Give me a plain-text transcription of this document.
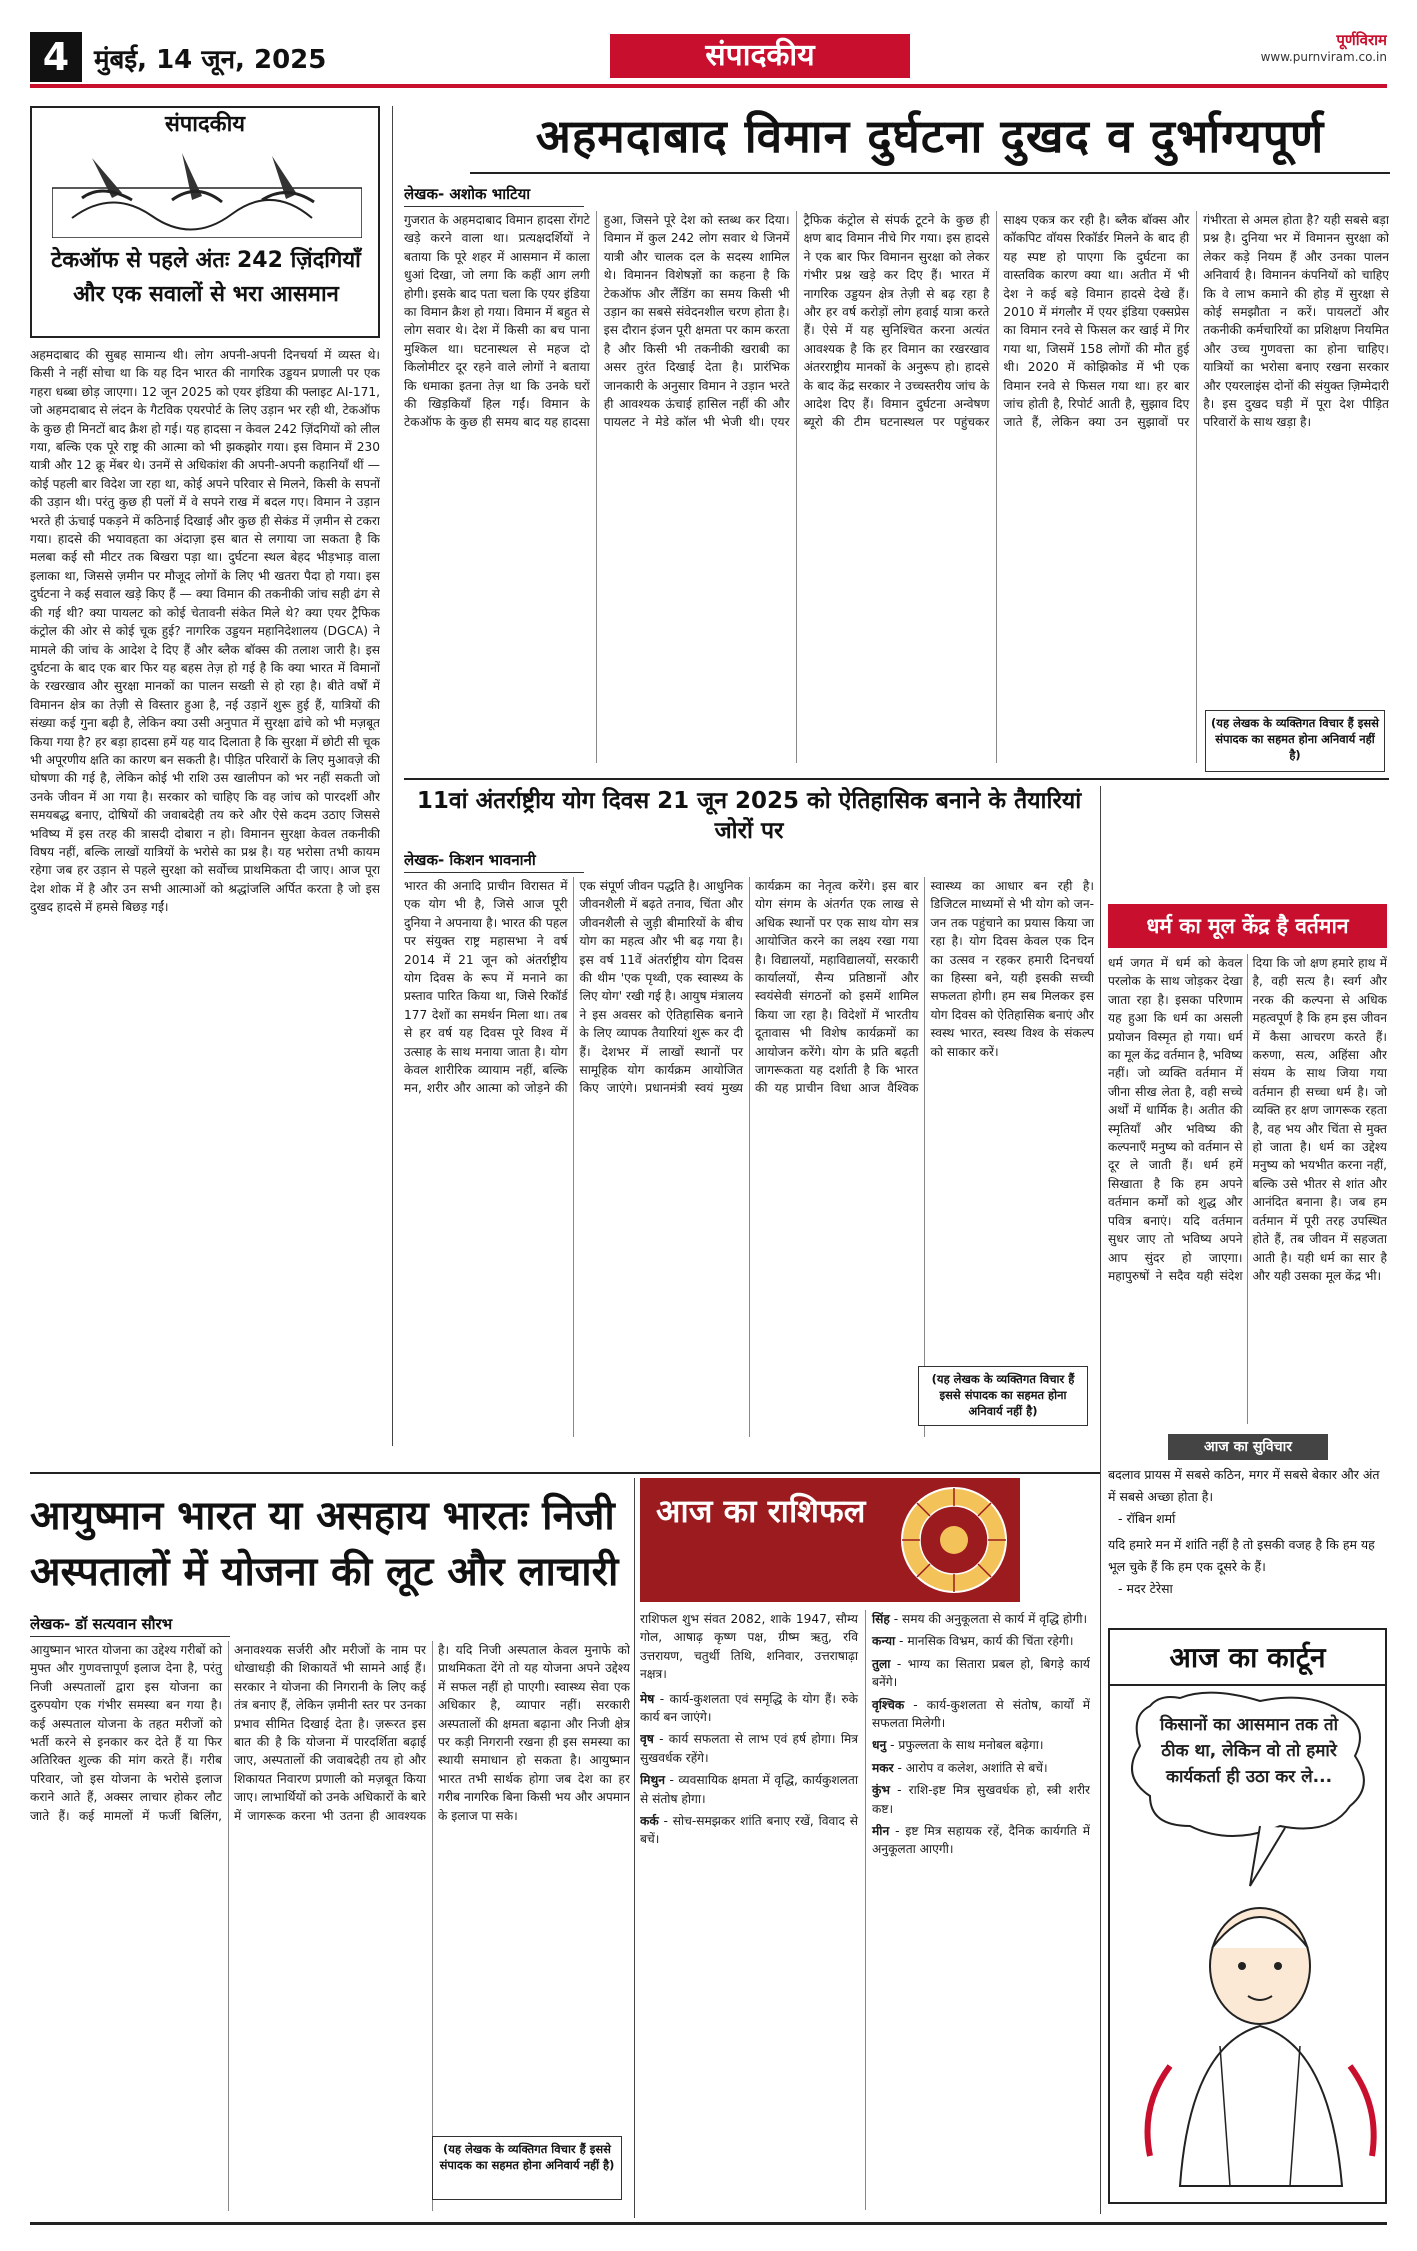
4 मुंबई, 14 जून, 2025	संपादकीय	पूर्णविराम
www.purnviram.co.in
संपादकीय
टेकऑफ से पहले अंतः 242 ज़िंदगियाँ और एक सवालों से भरा आसमान

अहमदाबाद की सुबह सामान्य थी। लोग अपनी-अपनी दिनचर्या में व्यस्त थे। किसी ने नहीं सोचा था कि यह दिन भारत की नागरिक उड्डयन प्रणाली पर एक गहरा धब्बा छोड़ जाएगा। 12 जून 2025 को एयर इंडिया की फ्लाइट AI-171, जो अहमदाबाद से लंदन के गैटविक एयरपोर्ट के लिए उड़ान भर रही थी, टेकऑफ के कुछ ही मिनटों बाद क्रैश हो गई। यह हादसा न केवल 242 ज़िंदगियों को लील गया, बल्कि एक पूरे राष्ट्र की आत्मा को भी झकझोर गया। इस विमान में 230 यात्री और 12 क्रू मेंबर थे। उनमें से अधिकांश की अपनी-अपनी कहानियाँ थीं — कोई पहली बार विदेश जा रहा था, कोई अपने परिवार से मिलने, किसी के सपनों की उड़ान थी। परंतु कुछ ही पलों में वे सपने राख में बदल गए। विमान ने उड़ान भरते ही ऊंचाई पकड़ने में कठिनाई दिखाई और कुछ ही सेकंड में ज़मीन से टकरा गया। हादसे की भयावहता का अंदाज़ा इस बात से लगाया जा सकता है कि मलबा कई सौ मीटर तक बिखरा पड़ा था। दुर्घटना स्थल बेहद भीड़भाड़ वाला इलाका था, जिससे ज़मीन पर मौजूद लोगों के लिए भी खतरा पैदा हो गया। इस दुर्घटना ने कई सवाल खड़े किए हैं — क्या विमान की तकनीकी जांच सही ढंग से की गई थी? क्या पायलट को कोई चेतावनी संकेत मिले थे? क्या एयर ट्रैफिक कंट्रोल की ओर से कोई चूक हुई? नागरिक उड्डयन महानिदेशालय (DGCA) ने मामले की जांच के आदेश दे दिए हैं और ब्लैक बॉक्स की तलाश जारी है। इस दुर्घटना के बाद एक बार फिर यह बहस तेज़ हो गई है कि क्या भारत में विमानों के रखरखाव और सुरक्षा मानकों का पालन सख्ती से हो रहा है। बीते वर्षों में विमानन क्षेत्र का तेज़ी से विस्तार हुआ है, नई उड़ानें शुरू हुई हैं, यात्रियों की संख्या कई गुना बढ़ी है, लेकिन क्या उसी अनुपात में सुरक्षा ढांचे को भी मज़बूत किया गया है? हर बड़ा हादसा हमें यह याद दिलाता है कि सुरक्षा में छोटी सी चूक भी अपूरणीय क्षति का कारण बन सकती है। पीड़ित परिवारों के लिए मुआवज़े की घोषणा की गई है, लेकिन कोई भी राशि उस खालीपन को भर नहीं सकती जो उनके जीवन में आ गया है। सरकार को चाहिए कि वह जांच को पारदर्शी और समयबद्ध बनाए, दोषियों की जवाबदेही तय करे और ऐसे कदम उठाए जिससे भविष्य में इस तरह की त्रासदी दोबारा न हो। विमानन सुरक्षा केवल तकनीकी विषय नहीं, बल्कि लाखों यात्रियों के भरोसे का प्रश्न है। यह भरोसा तभी कायम रहेगा जब हर उड़ान से पहले सुरक्षा को सर्वोच्च प्राथमिकता दी जाए। आज पूरा देश शोक में है और उन सभी आत्माओं को श्रद्धांजलि अर्पित करता है जो इस दुखद हादसे में हमसे बिछड़ गईं।

अहमदाबाद विमान दुर्घटना दुखद व दुर्भाग्यपूर्ण
लेखक- अशोक भाटिया

गुजरात के अहमदाबाद विमान हादसा रोंगटे खड़े करने वाला था। प्रत्यक्षदर्शियों ने बताया कि पूरे शहर में आसमान में काला धुआं दिखा, जो लगा कि कहीं आग लगी होगी। इसके बाद पता चला कि एयर इंडिया का विमान क्रैश हो गया। विमान में बहुत से लोग सवार थे। देश में किसी का बच पाना मुश्किल था। घटनास्थल से महज दो किलोमीटर दूर रहने वाले लोगों ने बताया कि धमाका इतना तेज़ था कि उनके घरों की खिड़कियाँ हिल गईं। विमान के टेकऑफ के कुछ ही समय बाद यह हादसा हुआ, जिसने पूरे देश को स्तब्ध कर दिया। विमान में कुल 242 लोग सवार थे जिनमें यात्री और चालक दल के सदस्य शामिल थे। विमानन विशेषज्ञों का कहना है कि टेकऑफ और लैंडिंग का समय किसी भी उड़ान का सबसे संवेदनशील चरण होता है। इस दौरान इंजन पूरी क्षमता पर काम करता है और किसी भी तकनीकी खराबी का असर तुरंत दिखाई देता है। प्रारंभिक जानकारी के अनुसार विमान ने उड़ान भरते ही आवश्यक ऊंचाई हासिल नहीं की और पायलट ने मेडे कॉल भी भेजी थी। एयर ट्रैफिक कंट्रोल से संपर्क टूटने के कुछ ही क्षण बाद विमान नीचे गिर गया। इस हादसे ने एक बार फिर विमानन सुरक्षा को लेकर गंभीर प्रश्न खड़े कर दिए हैं। भारत में नागरिक उड्डयन क्षेत्र तेज़ी से बढ़ रहा है और हर वर्ष करोड़ों लोग हवाई यात्रा करते हैं। ऐसे में यह सुनिश्चित करना अत्यंत आवश्यक है कि हर विमान का रखरखाव अंतरराष्ट्रीय मानकों के अनुरूप हो। हादसे के बाद केंद्र सरकार ने उच्चस्तरीय जांच के आदेश दिए हैं। विमान दुर्घटना अन्वेषण ब्यूरो की टीम घटनास्थल पर पहुंचकर साक्ष्य एकत्र कर रही है। ब्लैक बॉक्स और कॉकपिट वॉयस रिकॉर्डर मिलने के बाद ही यह स्पष्ट हो पाएगा कि दुर्घटना का वास्तविक कारण क्या था। अतीत में भी देश ने कई बड़े विमान हादसे देखे हैं। 2010 में मंगलौर में एयर इंडिया एक्सप्रेस का विमान रनवे से फिसल कर खाई में गिर गया था, जिसमें 158 लोगों की मौत हुई थी। 2020 में कोझिकोड में भी एक विमान रनवे से फिसल गया था। हर बार जांच होती है, रिपोर्ट आती है, सुझाव दिए जाते हैं, लेकिन क्या उन सुझावों पर गंभीरता से अमल होता है? यही सबसे बड़ा प्रश्न है। दुनिया भर में विमानन सुरक्षा को लेकर कड़े नियम हैं और उनका पालन अनिवार्य है। विमानन कंपनियों को चाहिए कि वे लाभ कमाने की होड़ में सुरक्षा से कोई समझौता न करें। पायलटों और तकनीकी कर्मचारियों का प्रशिक्षण नियमित और उच्च गुणवत्ता का होना चाहिए। यात्रियों का भरोसा बनाए रखना सरकार और एयरलाइंस दोनों की संयुक्त ज़िम्मेदारी है। इस दुखद घड़ी में पूरा देश पीड़ित परिवारों के साथ खड़ा है।

(यह लेखक के व्यक्तिगत विचार हैं इससे संपादक का सहमत होना अनिवार्य नहीं है)
11वां अंतर्राष्ट्रीय योग दिवस 21 जून 2025 को ऐतिहासिक बनाने के तैयारियां जोरों पर
लेखक- किशन भावनानी

भारत की अनादि प्राचीन विरासत में एक योग भी है, जिसे आज पूरी दुनिया ने अपनाया है। भारत की पहल पर संयुक्त राष्ट्र महासभा ने वर्ष 2014 में 21 जून को अंतर्राष्ट्रीय योग दिवस के रूप में मनाने का प्रस्ताव पारित किया था, जिसे रिकॉर्ड 177 देशों का समर्थन मिला था। तब से हर वर्ष यह दिवस पूरे विश्व में उत्साह के साथ मनाया जाता है। योग केवल शारीरिक व्यायाम नहीं, बल्कि मन, शरीर और आत्मा को जोड़ने की एक संपूर्ण जीवन पद्धति है। आधुनिक जीवनशैली में बढ़ते तनाव, चिंता और जीवनशैली से जुड़ी बीमारियों के बीच योग का महत्व और भी बढ़ गया है। इस वर्ष 11वें अंतर्राष्ट्रीय योग दिवस की थीम 'एक पृथ्वी, एक स्वास्थ्य के लिए योग' रखी गई है। आयुष मंत्रालय ने इस अवसर को ऐतिहासिक बनाने के लिए व्यापक तैयारियां शुरू कर दी हैं। देशभर में लाखों स्थानों पर सामूहिक योग कार्यक्रम आयोजित किए जाएंगे। प्रधानमंत्री स्वयं मुख्य कार्यक्रम का नेतृत्व करेंगे। इस बार योग संगम के अंतर्गत एक लाख से अधिक स्थानों पर एक साथ योग सत्र आयोजित करने का लक्ष्य रखा गया है। विद्यालयों, महाविद्यालयों, सरकारी कार्यालयों, सैन्य प्रतिष्ठानों और स्वयंसेवी संगठनों को इसमें शामिल किया जा रहा है। विदेशों में भारतीय दूतावास भी विशेष कार्यक्रमों का आयोजन करेंगे। योग के प्रति बढ़ती जागरूकता यह दर्शाती है कि भारत की यह प्राचीन विधा आज वैश्विक स्वास्थ्य का आधार बन रही है। डिजिटल माध्यमों से भी योग को जन-जन तक पहुंचाने का प्रयास किया जा रहा है। योग दिवस केवल एक दिन का उत्सव न रहकर हमारी दिनचर्या का हिस्सा बने, यही इसकी सच्ची सफलता होगी। हम सब मिलकर इस योग दिवस को ऐतिहासिक बनाएं और स्वस्थ भारत, स्वस्थ विश्व के संकल्प को साकार करें।

(यह लेखक के व्यक्तिगत विचार हैं इससे संपादक का सहमत होना अनिवार्य नहीं है)
धर्म का मूल केंद्र है वर्तमान

धर्म जगत में धर्म को केवल परलोक के साथ जोड़कर देखा जाता रहा है। इसका परिणाम यह हुआ कि धर्म का असली प्रयोजन विस्मृत हो गया। धर्म का मूल केंद्र वर्तमान है, भविष्य नहीं। जो व्यक्ति वर्तमान में जीना सीख लेता है, वही सच्चे अर्थों में धार्मिक है। अतीत की स्मृतियाँ और भविष्य की कल्पनाएँ मनुष्य को वर्तमान से दूर ले जाती हैं। धर्म हमें सिखाता है कि हम अपने वर्तमान कर्मों को शुद्ध और पवित्र बनाएं। यदि वर्तमान सुधर जाए तो भविष्य अपने आप सुंदर हो जाएगा। महापुरुषों ने सदैव यही संदेश दिया कि जो क्षण हमारे हाथ में है, वही सत्य है। स्वर्ग और नरक की कल्पना से अधिक महत्वपूर्ण है कि हम इस जीवन में कैसा आचरण करते हैं। करुणा, सत्य, अहिंसा और संयम के साथ जिया गया वर्तमान ही सच्चा धर्म है। जो व्यक्ति हर क्षण जागरूक रहता है, वह भय और चिंता से मुक्त हो जाता है। धर्म का उद्देश्य मनुष्य को भयभीत करना नहीं, बल्कि उसे भीतर से शांत और आनंदित बनाना है। जब हम वर्तमान में पूरी तरह उपस्थित होते हैं, तब जीवन में सहजता आती है। यही धर्म का सार है और यही उसका मूल केंद्र भी।

आयुष्मान भारत या असहाय भारतः निजी अस्पतालों में योजना की लूट और लाचारी
लेखक- डॉ सत्यवान सौरभ

आयुष्मान भारत योजना का उद्देश्य गरीबों को मुफ्त और गुणवत्तापूर्ण इलाज देना है, परंतु निजी अस्पतालों द्वारा इस योजना का दुरुपयोग एक गंभीर समस्या बन गया है। कई अस्पताल योजना के तहत मरीजों को भर्ती करने से इनकार कर देते हैं या फिर अतिरिक्त शुल्क की मांग करते हैं। गरीब परिवार, जो इस योजना के भरोसे इलाज कराने आते हैं, अक्सर लाचार होकर लौट जाते हैं। कई मामलों में फर्जी बिलिंग, अनावश्यक सर्जरी और मरीजों के नाम पर धोखाधड़ी की शिकायतें भी सामने आई हैं। सरकार ने योजना की निगरानी के लिए कई तंत्र बनाए हैं, लेकिन ज़मीनी स्तर पर उनका प्रभाव सीमित दिखाई देता है। ज़रूरत इस बात की है कि योजना में पारदर्शिता बढ़ाई जाए, अस्पतालों की जवाबदेही तय हो और शिकायत निवारण प्रणाली को मज़बूत किया जाए। लाभार्थियों को उनके अधिकारों के बारे में जागरूक करना भी उतना ही आवश्यक है। यदि निजी अस्पताल केवल मुनाफे को प्राथमिकता देंगे तो यह योजना अपने उद्देश्य में सफल नहीं हो पाएगी। स्वास्थ्य सेवा एक अधिकार है, व्यापार नहीं। सरकारी अस्पतालों की क्षमता बढ़ाना और निजी क्षेत्र पर कड़ी निगरानी रखना ही इस समस्या का स्थायी समाधान हो सकता है। आयुष्मान भारत तभी सार्थक होगा जब देश का हर गरीब नागरिक बिना किसी भय और अपमान के इलाज पा सके।

(यह लेखक के व्यक्तिगत विचार हैं इससे संपादक का सहमत होना अनिवार्य नहीं है)
आज का राशिफल

राशिफल शुभ संवत 2082, शाके 1947, सौम्य गोल, आषाढ़ कृष्ण पक्ष, ग्रीष्म ऋतु, रवि उत्तरायण, चतुर्थी तिथि, शनिवार, उत्तराषाढ़ा नक्षत्र।

मेष - कार्य-कुशलता एवं समृद्धि के योग हैं। रुके कार्य बन जाएंगे।
वृष - कार्य सफलता से लाभ एवं हर्ष होगा। मित्र सुखवर्धक रहेंगे।
मिथुन - व्यवसायिक क्षमता में वृद्धि, कार्यकुशलता से संतोष होगा।
कर्क - सोच-समझकर शांति बनाए रखें, विवाद से बचें।
सिंह - समय की अनुकूलता से कार्य में वृद्धि होगी।
कन्या - मानसिक विभ्रम, कार्य की चिंता रहेगी।
तुला - भाग्य का सितारा प्रबल हो, बिगड़े कार्य बनेंगे।
वृश्चिक - कार्य-कुशलता से संतोष, कार्यों में सफलता मिलेगी।
धनु - प्रफुल्लता के साथ मनोबल बढ़ेगा।
मकर - आरोप व कलेश, अशांति से बचें।
कुंभ - राशि-इष्ट मित्र सुखवर्धक हो, स्त्री शरीर कष्ट।
मीन - इष्ट मित्र सहायक रहें, दैनिक कार्यगति में अनुकूलता आएगी।
आज का सुविचार
बदलाव प्रायस में सबसे कठिन, मगर में सबसे बेकार और अंत में सबसे अच्छा होता है।
- रॉबिन शर्मा
यदि हमारे मन में शांति नहीं है तो इसकी वजह है कि हम यह भूल चुके हैं कि हम एक दूसरे के हैं।
- मदर टेरेसा
आज का कार्टून
किसानों का आसमान तक तो ठीक था, लेकिन वो तो हमारे कार्यकर्ता ही उठा कर ले...
